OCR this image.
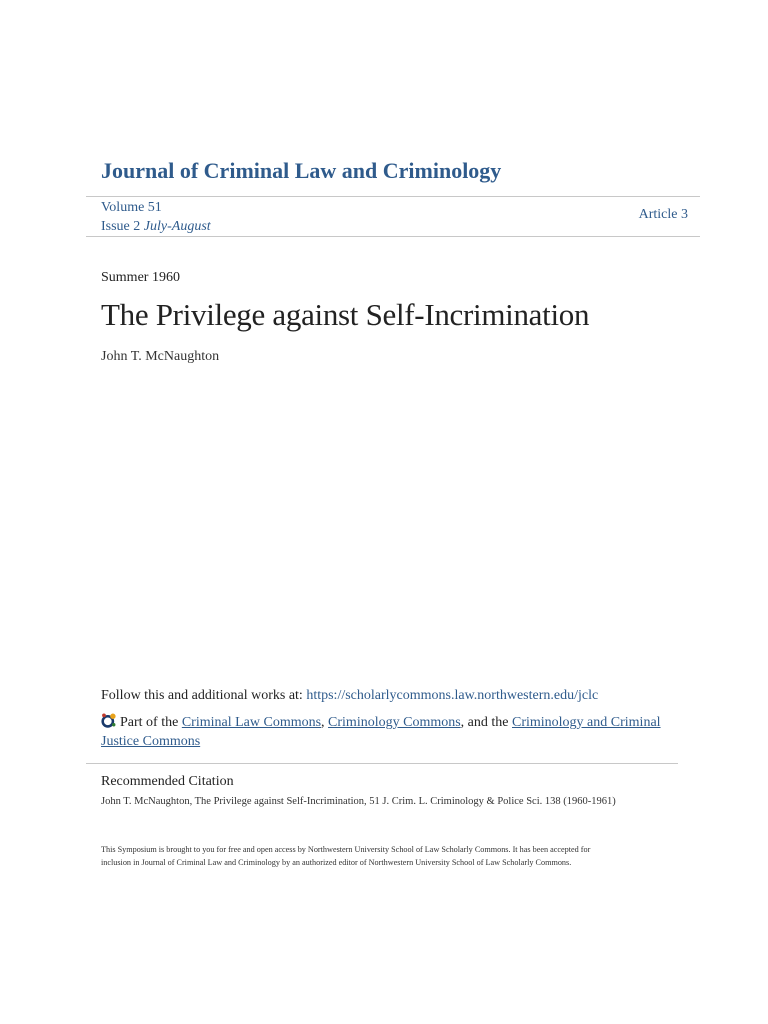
Journal of Criminal Law and Criminology
Volume 51
Issue 2 July-August
Article 3
Summer 1960
The Privilege against Self-Incrimination
John T. McNaughton
Follow this and additional works at: https://scholarlycommons.law.northwestern.edu/jclc
Part of the Criminal Law Commons, Criminology Commons, and the Criminology and Criminal
Justice Commons
Recommended Citation
John T. McNaughton, The Privilege against Self-Incrimination, 51 J. Crim. L. Criminology & Police Sci. 138 (1960-1961)
This Symposium is brought to you for free and open access by Northwestern University School of Law Scholarly Commons. It has been accepted for
inclusion in Journal of Criminal Law and Criminology by an authorized editor of Northwestern University School of Law Scholarly Commons.
